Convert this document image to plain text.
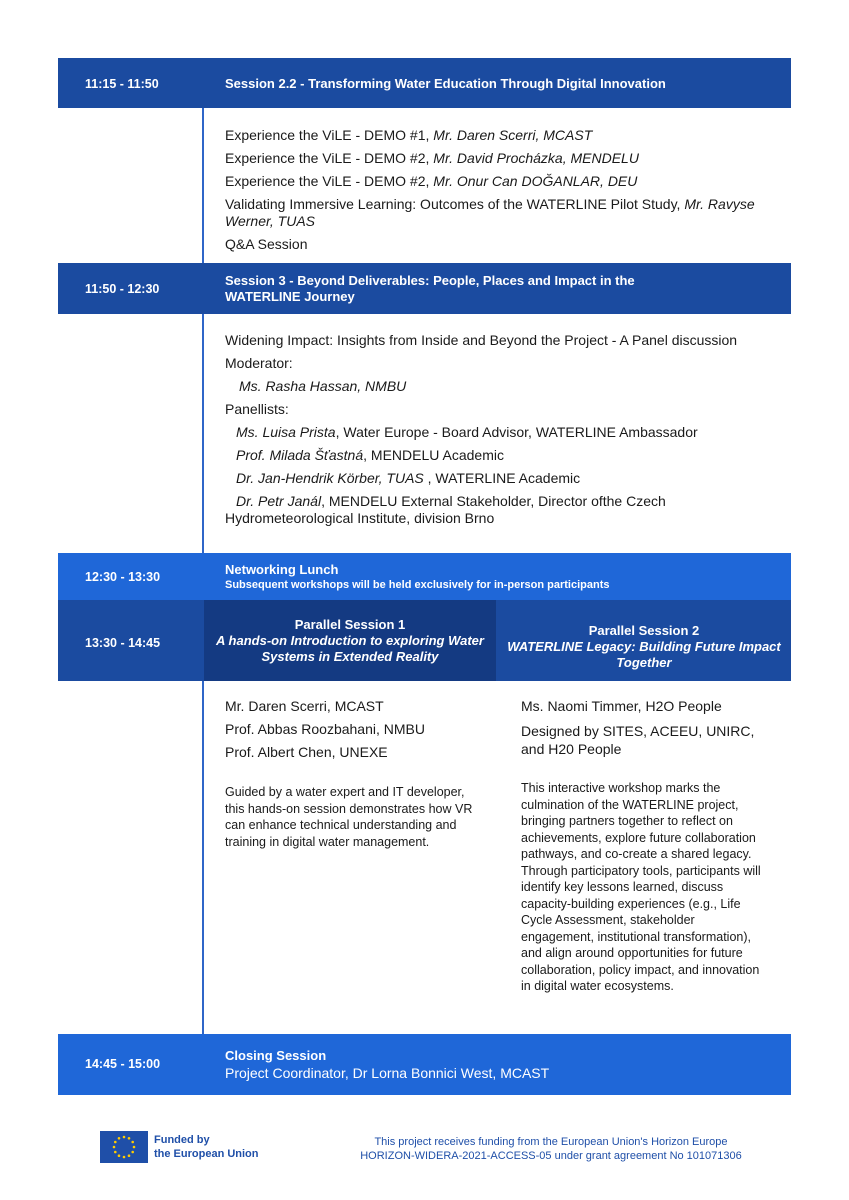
11:15 - 11:50	Session 2.2 - Transforming Water Education Through Digital Innovation
Experience the ViLE - DEMO #1, Mr. Daren Scerri, MCAST
Experience the ViLE - DEMO #2, Mr. David Procházka, MENDELU
Experience the ViLE - DEMO #2, Mr. Onur Can DOĞANLAR, DEU
Validating Immersive Learning: Outcomes of the WATERLINE Pilot Study, Mr. Ravyse Werner, TUAS
Q&A Session
11:50 - 12:30
Session 3 - Beyond Deliverables: People, Places and Impact in the WATERLINE Journey
Widening Impact: Insights from Inside and Beyond the Project - A Panel discussion
Moderator:
Ms. Rasha Hassan, NMBU
Panellists:
Ms. Luisa Prista, Water Europe - Board Advisor, WATERLINE Ambassador
Prof. Milada Šťastná, MENDELU Academic
Dr. Jan-Hendrik Körber, TUAS , WATERLINE Academic
Dr. Petr Janál, MENDELU External Stakeholder, Director ofthe Czech Hydrometeorological Institute, division Brno
12:30 - 13:30	Networking Lunch
Subsequent workshops will be held exclusively for in-person participants
13:30 - 14:45
Parallel Session 1
A hands-on Introduction to exploring Water Systems in Extended Reality
Parallel Session 2
WATERLINE Legacy: Building Future Impact Together
Mr. Daren Scerri, MCAST
Prof. Abbas Roozbahani, NMBU
Prof. Albert Chen, UNEXE
Guided by a water expert and IT developer, this hands-on session demonstrates how VR can enhance technical understanding and training in digital water management.
Ms. Naomi Timmer, H2O People
Designed by SITES, ACEEU, UNIRC, and H20 People
This interactive workshop marks the culmination of the WATERLINE project, bringing partners together to reflect on achievements, explore future collaboration pathways, and co-create a shared legacy. Through participatory tools, participants will identify key lessons learned, discuss capacity-building experiences (e.g., Life Cycle Assessment, stakeholder engagement, institutional transformation), and align around opportunities for future collaboration, policy impact, and innovation in digital water ecosystems.
14:45 - 15:00
Closing Session
Project Coordinator, Dr Lorna Bonnici West, MCAST
Funded by
the European Union
This project receives funding from the European Union's Horizon Europe
HORIZON-WIDERA-2021-ACCESS-05 under grant agreement No 101071306
